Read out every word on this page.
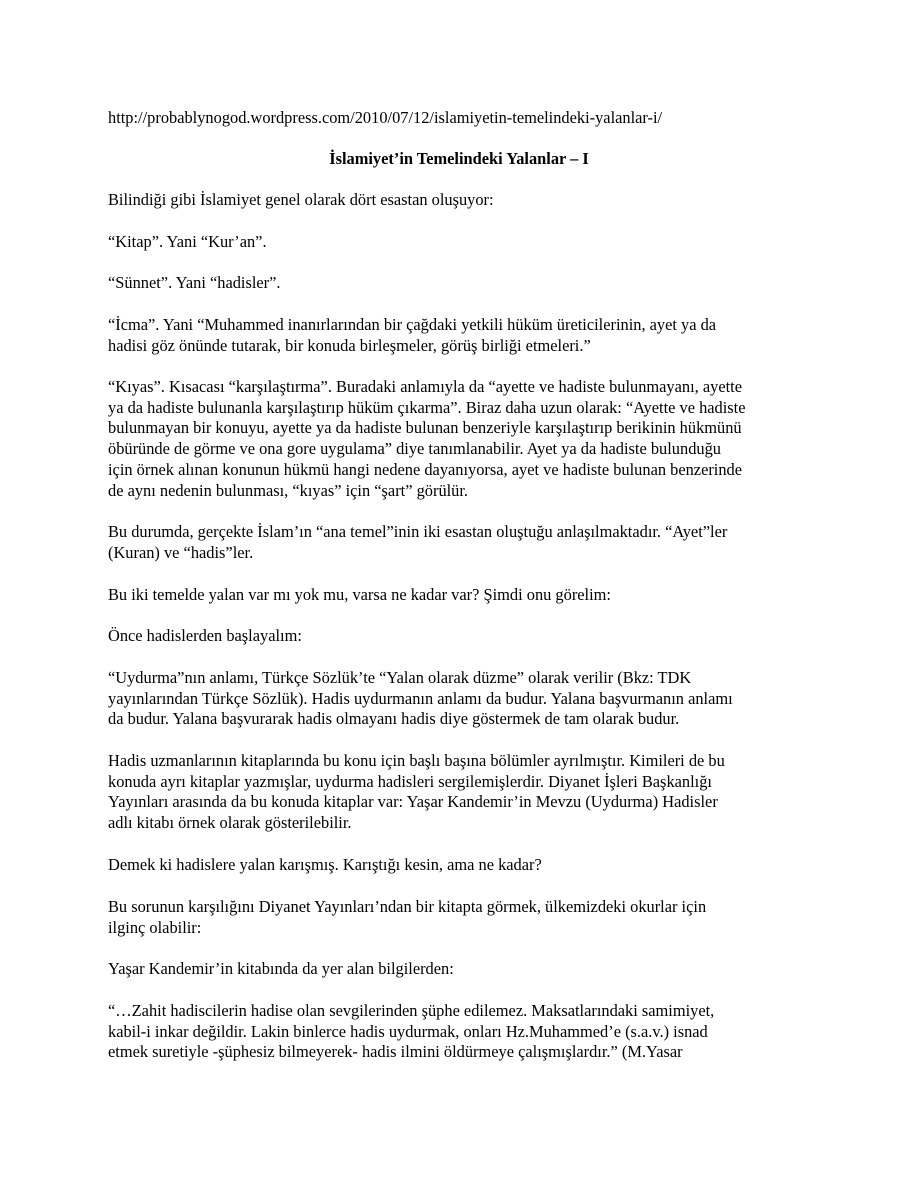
http://probablynogod.wordpress.com/2010/07/12/islamiyetin-temelindeki-yalanlar-i/
İslamiyet’in Temelindeki Yalanlar – I
Bilindiği gibi İslamiyet genel olarak dört esastan oluşuyor:
“Kitap”. Yani “Kur’an”.
“Sünnet”. Yani “hadisler”.
“İcma”. Yani “Muhammed inanırlarından bir çağdaki yetkili hüküm üreticilerinin, ayet ya da
hadisi göz önünde tutarak, bir konuda birleşmeler, görüş birliği etmeleri.”
“Kıyas”. Kısacası “karşılaştırma”. Buradaki anlamıyla da “ayette ve hadiste bulunmayanı, ayette
ya da hadiste bulunanla karşılaştırıp hüküm çıkarma”. Biraz daha uzun olarak: “Ayette ve hadiste
bulunmayan bir konuyu, ayette ya da hadiste bulunan benzeriyle karşılaştırıp berikinin hükmünü
öbüründe de görme ve ona gore uygulama” diye tanımlanabilir. Ayet ya da hadiste bulunduğu
için örnek alınan konunun hükmü hangi nedene dayanıyorsa, ayet ve hadiste bulunan benzerinde
de aynı nedenin bulunması, “kıyas” için “şart” görülür.
Bu durumda, gerçekte İslam’ın “ana temel”inin iki esastan oluştuğu anlaşılmaktadır. “Ayet”ler
(Kuran) ve “hadis”ler.
Bu iki temelde yalan var mı yok mu, varsa ne kadar var? Şimdi onu görelim:
Önce hadislerden başlayalım:
“Uydurma”nın anlamı, Türkçe Sözlük’te “Yalan olarak düzme” olarak verilir (Bkz: TDK
yayınlarından Türkçe Sözlük). Hadis uydurmanın anlamı da budur. Yalana başvurmanın anlamı
da budur. Yalana başvurarak hadis olmayanı hadis diye göstermek de tam olarak budur.
Hadis uzmanlarının kitaplarında bu konu için başlı başına bölümler ayrılmıştır. Kimileri de bu
konuda ayrı kitaplar yazmışlar, uydurma hadisleri sergilemişlerdir. Diyanet İşleri Başkanlığı
Yayınları arasında da bu konuda kitaplar var: Yaşar Kandemir’in Mevzu (Uydurma) Hadisler
adlı kitabı örnek olarak gösterilebilir.
Demek ki hadislere yalan karışmış. Karıştığı kesin, ama ne kadar?
Bu sorunun karşılığını Diyanet Yayınları’ndan bir kitapta görmek, ülkemizdeki okurlar için
ilginç olabilir:
Yaşar Kandemir’in kitabında da yer alan bilgilerden:
“…Zahit hadiscilerin hadise olan sevgilerinden şüphe edilemez. Maksatlarındaki samimiyet,
kabil-i inkar değildir. Lakin binlerce hadis uydurmak, onları Hz.Muhammed’e (s.a.v.) isnad
etmek suretiyle -şüphesiz bilmeyerek- hadis ilmini öldürmeye çalışmışlardır.” (M.Yasar
